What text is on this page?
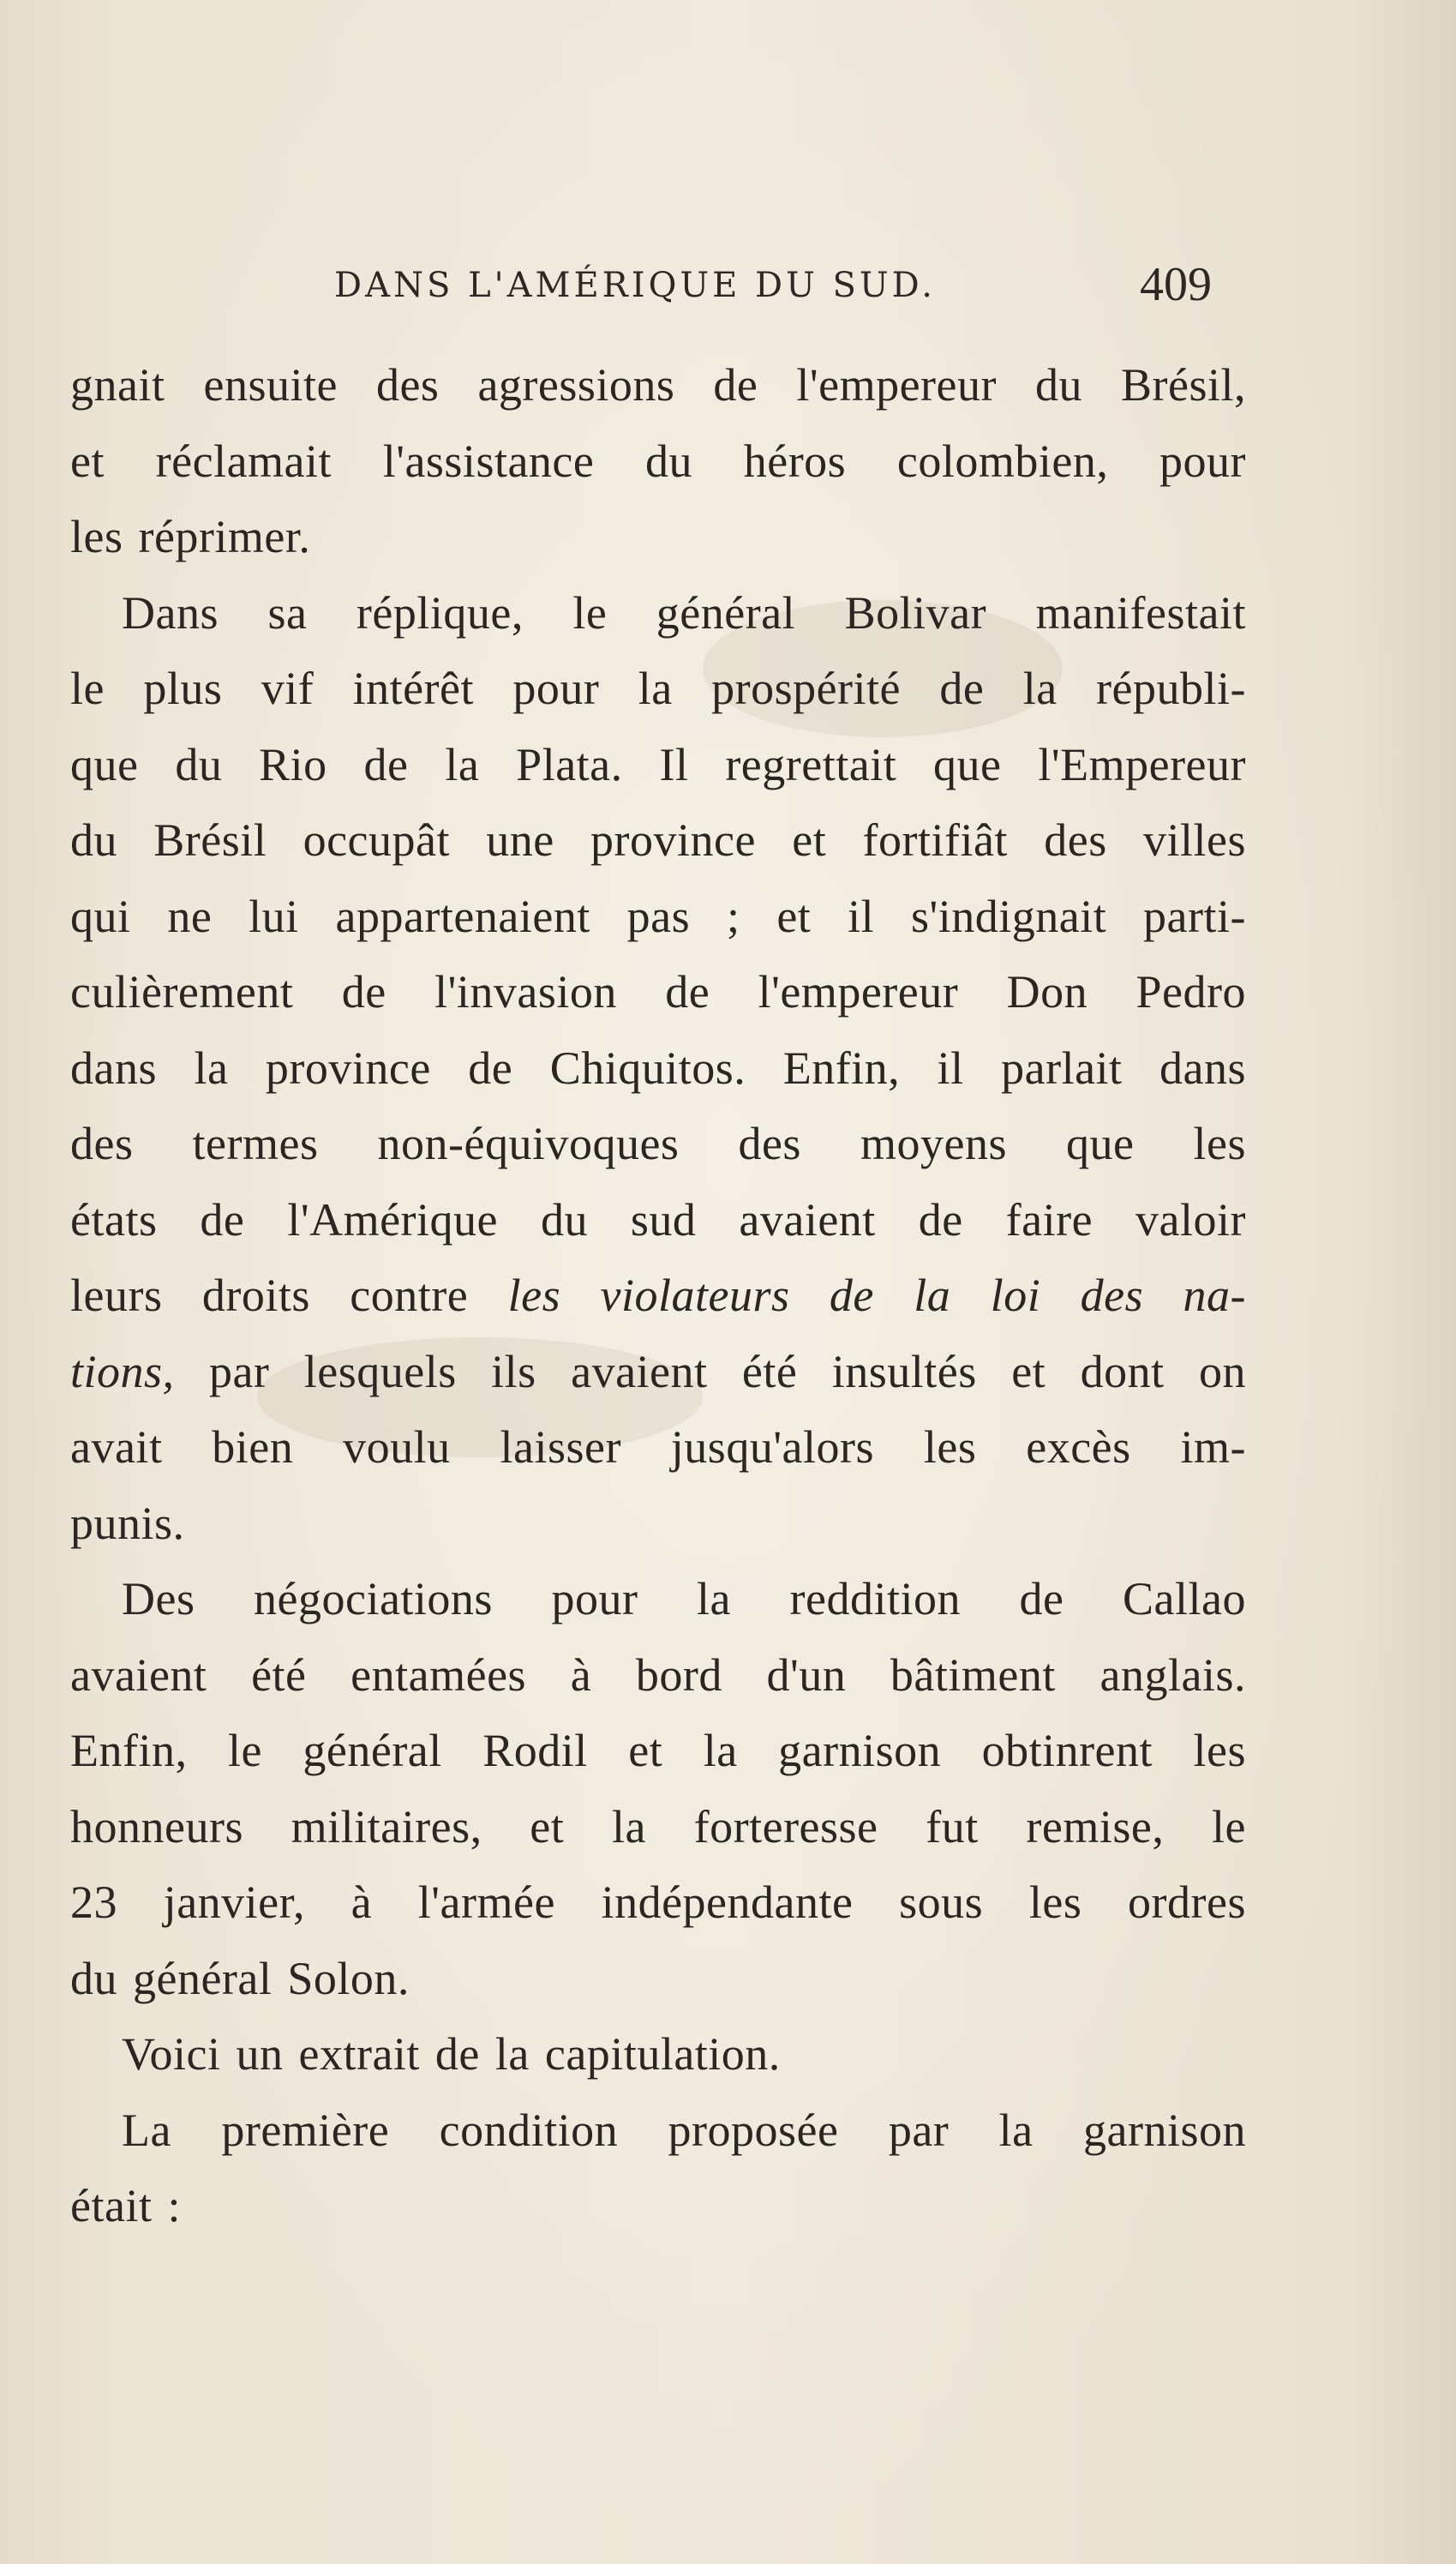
DANS L'AMÉRIQUE DU SUD.	409
gnait ensuite des agressions de l'empereur du Brésil,
et réclamait l'assistance du héros colombien, pour
les réprimer.
Dans sa réplique, le général Bolivar manifestait
le plus vif intérêt pour la prospérité de la républi-
que du Rio de la Plata. Il regrettait que l'Empereur
du Brésil occupât une province et fortifiât des villes
qui ne lui appartenaient pas ; et il s'indignait parti-
culièrement de l'invasion de l'empereur Don Pedro
dans la province de Chiquitos. Enfin, il parlait dans
des termes non-équivoques des moyens que les
états de l'Amérique du sud avaient de faire valoir
leurs droits contre les violateurs de la loi des na-
tions, par lesquels ils avaient été insultés et dont on
avait bien voulu laisser jusqu'alors les excès im-
punis.
Des négociations pour la reddition de Callao
avaient été entamées à bord d'un bâtiment anglais.
Enfin, le général Rodil et la garnison obtinrent les
honneurs militaires, et la forteresse fut remise, le
23 janvier, à l'armée indépendante sous les ordres
du général Solon.
Voici un extrait de la capitulation.
La première condition proposée par la garnison
était :
